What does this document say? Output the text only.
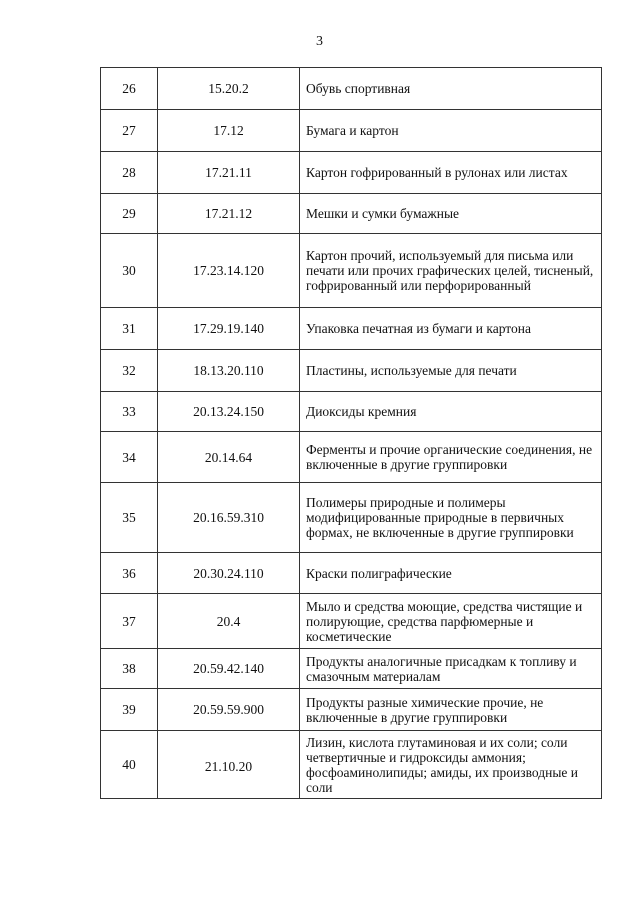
3
26	15.20.2	Обувь спортивная
27	17.12	Бумага и картон
28	17.21.11	Картон гофрированный в рулонах или листах
29	17.21.12	Мешки и сумки бумажные
30	17.23.14.120	Картон прочий, используемый для письма или печати или прочих графических целей, тисненый, гофрированный или перфорированный
31	17.29.19.140	Упаковка печатная из бумаги и картона
32	18.13.20.110	Пластины, используемые для печати
33	20.13.24.150	Диоксиды кремния
34	20.14.64	Ферменты и прочие органические соединения, не включенные в другие группировки
35	20.16.59.310	Полимеры природные и полимеры модифицированные природные в первичных формах, не включенные в другие группировки
36	20.30.24.110	Краски полиграфические
37	20.4	Мыло и средства моющие, средства чистящие и полирующие, средства парфюмерные и косметические
38	20.59.42.140	Продукты аналогичные присадкам к топливу и смазочным материалам
39	20.59.59.900	Продукты разные химические прочие, не включенные в другие группировки
40	21.10.20	Лизин, кислота глутаминовая и их соли; соли четвертичные и гидроксиды аммония; фосфоаминолипиды; амиды, их производные и соли
